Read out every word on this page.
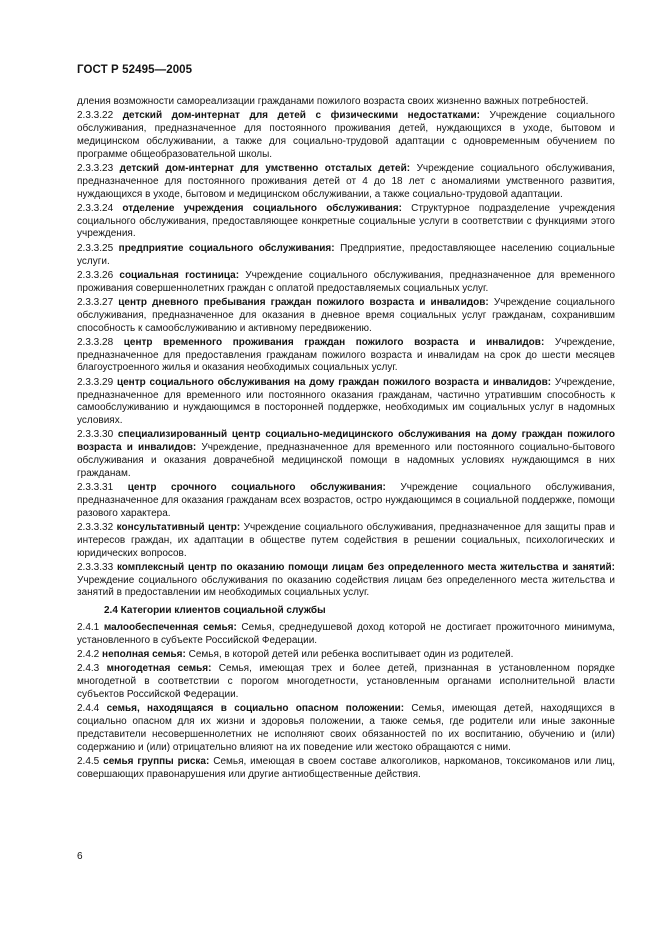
ГОСТ Р 52495—2005
дления возможности самореализации гражданами пожилого возраста своих жизненно важных потребностей.
2.3.3.22 детский дом-интернат для детей с физическими недостатками: Учреждение социального обслуживания, предназначенное для постоянного проживания детей, нуждающихся в уходе, бытовом и медицинском обслуживании, а также для социально-трудовой адаптации с одновременным обучением по программе общеобразовательной школы.
2.3.3.23 детский дом-интернат для умственно отсталых детей: Учреждение социального обслуживания, предназначенное для постоянного проживания детей от 4 до 18 лет с аномалиями умственного развития, нуждающихся в уходе, бытовом и медицинском обслуживании, а также социально-трудовой адаптации.
2.3.3.24 отделение учреждения социального обслуживания: Структурное подразделение учреждения социального обслуживания, предоставляющее конкретные социальные услуги в соответствии с функциями этого учреждения.
2.3.3.25 предприятие социального обслуживания: Предприятие, предоставляющее населению социальные услуги.
2.3.3.26 социальная гостиница: Учреждение социального обслуживания, предназначенное для временного проживания совершеннолетних граждан с оплатой предоставляемых социальных услуг.
2.3.3.27 центр дневного пребывания граждан пожилого возраста и инвалидов: Учреждение социального обслуживания, предназначенное для оказания в дневное время социальных услуг гражданам, сохранившим способность к самообслуживанию и активному передвижению.
2.3.3.28 центр временного проживания граждан пожилого возраста и инвалидов: Учреждение, предназначенное для предоставления гражданам пожилого возраста и инвалидам на срок до шести месяцев благоустроенного жилья и оказания необходимых социальных услуг.
2.3.3.29 центр социального обслуживания на дому граждан пожилого возраста и инвалидов: Учреждение, предназначенное для временного или постоянного оказания гражданам, частично утратившим способность к самообслуживанию и нуждающимся в посторонней поддержке, необходимых им социальных услуг в надомных условиях.
2.3.3.30 специализированный центр социально-медицинского обслуживания на дому граждан пожилого возраста и инвалидов: Учреждение, предназначенное для временного или постоянного социально-бытового обслуживания и оказания доврачебной медицинской помощи в надомных условиях нуждающимся в них гражданам.
2.3.3.31 центр срочного социального обслуживания: Учреждение социального обслуживания, предназначенное для оказания гражданам всех возрастов, остро нуждающимся в социальной поддержке, помощи разового характера.
2.3.3.32 консультативный центр: Учреждение социального обслуживания, предназначенное для защиты прав и интересов граждан, их адаптации в обществе путем содействия в решении социальных, психологических и юридических вопросов.
2.3.3.33 комплексный центр по оказанию помощи лицам без определенного места жительства и занятий: Учреждение социального обслуживания по оказанию содействия лицам без определенного места жительства и занятий в предоставлении им необходимых социальных услуг.
2.4 Категории клиентов социальной службы
2.4.1 малообеспеченная семья: Семья, среднедушевой доход которой не достигает прожиточного минимума, установленного в субъекте Российской Федерации.
2.4.2 неполная семья: Семья, в которой детей или ребенка воспитывает один из родителей.
2.4.3 многодетная семья: Семья, имеющая трех и более детей, признанная в установленном порядке многодетной в соответствии с порогом многодетности, установленным органами исполнительной власти субъектов Российской Федерации.
2.4.4 семья, находящаяся в социально опасном положении: Семья, имеющая детей, находящихся в социально опасном для их жизни и здоровья положении, а также семья, где родители или иные законные представители несовершеннолетних не исполняют своих обязанностей по их воспитанию, обучению и (или) содержанию и (или) отрицательно влияют на их поведение или жестоко обращаются с ними.
2.4.5 семья группы риска: Семья, имеющая в своем составе алкоголиков, наркоманов, токсикоманов или лиц, совершающих правонарушения или другие антиобщественные действия.
6
